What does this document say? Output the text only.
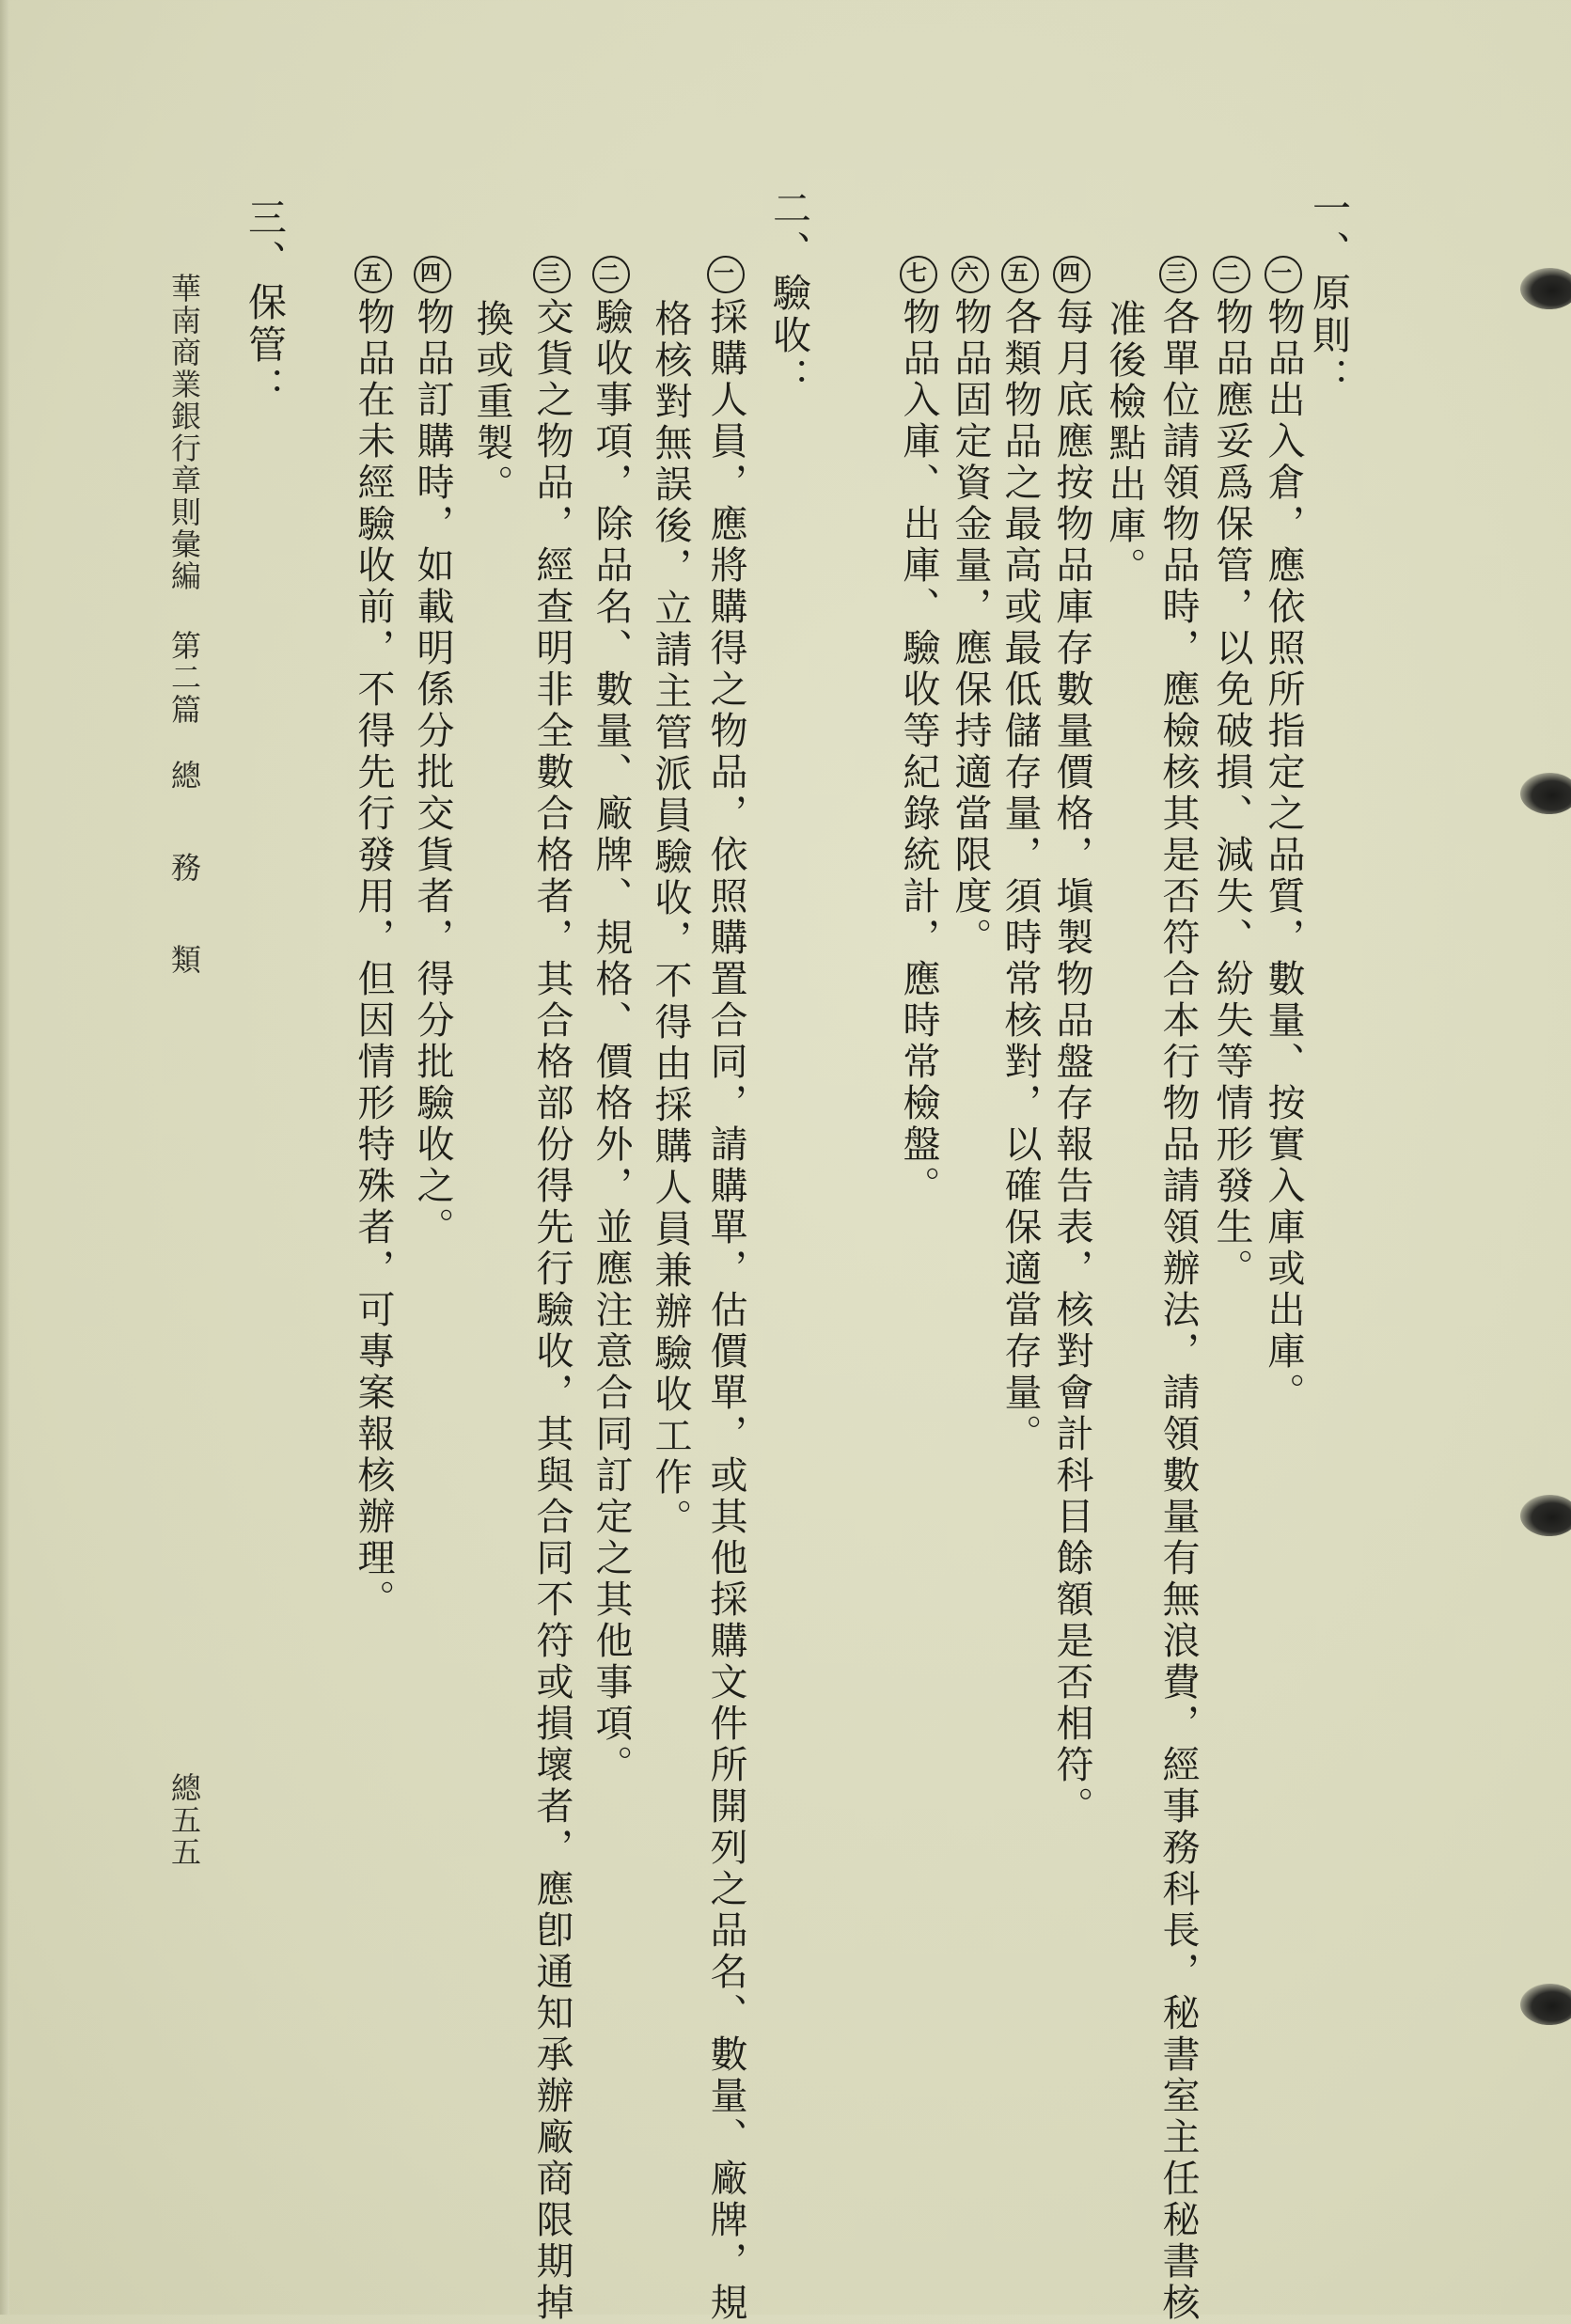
一、原則：
一物品出入倉，應依照所指定之品質，數量、按實入庫或出庫。
二物品應妥爲保管，以免破損、減失、紛失等情形發生。
三各單位請領物品時，應檢核其是否符合本行物品請領辦法，請領數量有無浪費，經事務科長，秘書室主任秘書核
准後檢點出庫。
四每月底應按物品庫存數量價格，塡製物品盤存報告表，核對會計科目餘額是否相符。
五各類物品之最高或最低儲存量，須時常核對，以確保適當存量。
六物品固定資金量，應保持適當限度。
七物品入庫、出庫、驗收等紀錄統計，應時常檢盤。
二、驗收：
一採購人員，應將購得之物品，依照購置合同，請購單，估價單，或其他採購文件所開列之品名、數量、廠牌，規
格核對無誤後，立請主管派員驗收，不得由採購人員兼辦驗收工作。
二驗收事項，除品名、數量、廠牌、規格、價格外，並應注意合同訂定之其他事項。
三交貨之物品，經查明非全數合格者，其合格部份得先行驗收，其與合同不符或損壞者，應卽通知承辦廠商限期掉
換或重製。
四物品訂購時，如載明係分批交貨者，得分批驗收之。
五物品在未經驗收前，不得先行發用，但因情形特殊者，可專案報核辦理。
三、保管：
華南商業銀行章則彙編第二篇總務類
總五五
